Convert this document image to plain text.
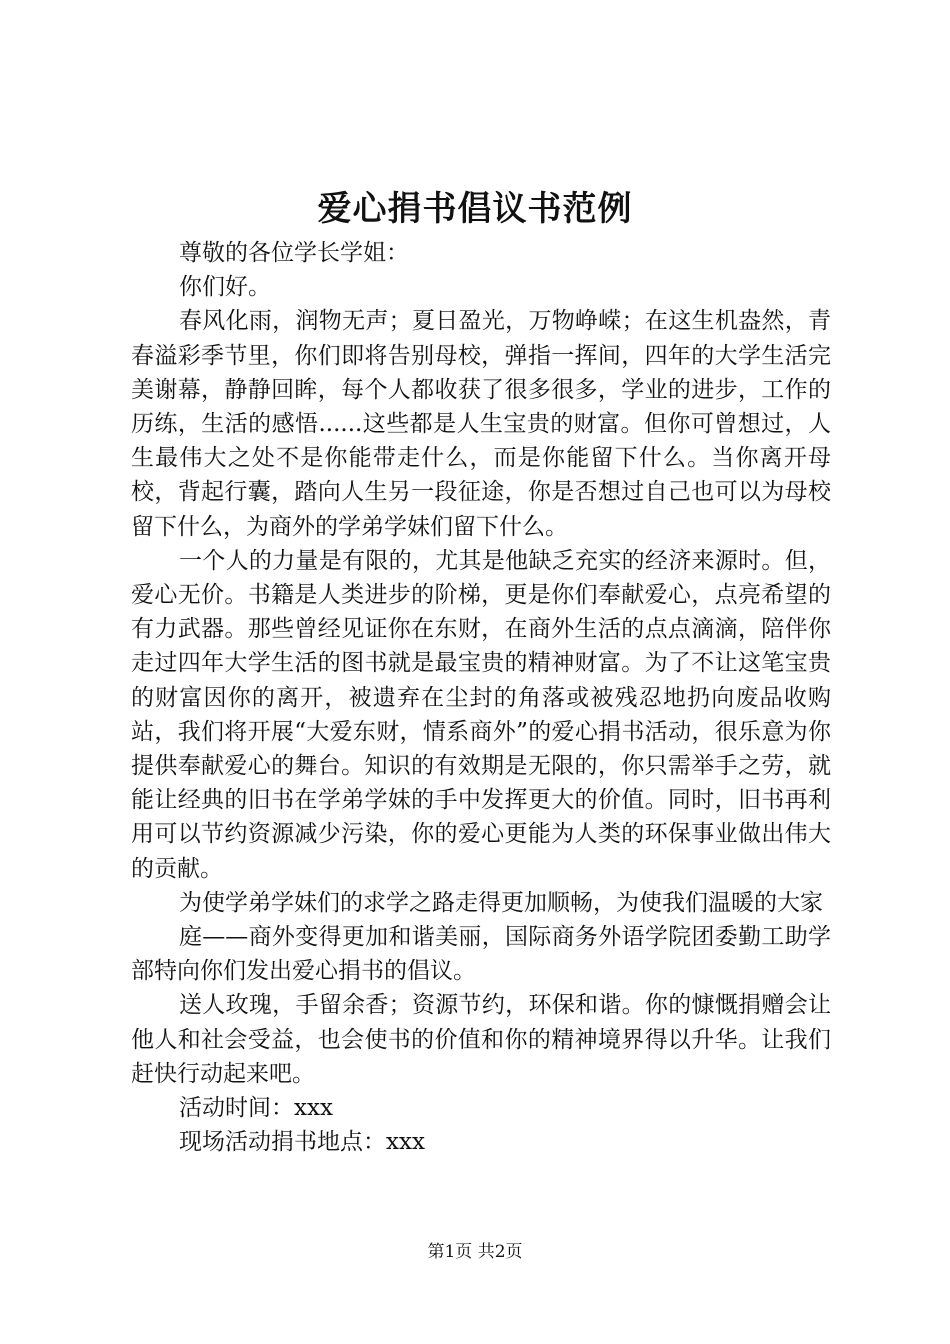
爱心捐书倡议书范例

尊敬的各位学长学姐：

你们好。

春风化雨，润物无声；夏日盈光，万物峥嵘；在这生机盎然，青春溢彩季节里，你们即将告别母校，弹指一挥间，四年的大学生活完美谢幕，静静回眸，每个人都收获了很多很多，学业的进步，工作的历练，生活的感悟......这些都是人生宝贵的财富。但你可曾想过，人生最伟大之处不是你能带走什么，而是你能留下什么。当你离开母校，背起行囊，踏向人生另一段征途，你是否想过自己也可以为母校留下什么，为商外的学弟学妹们留下什么。

一个人的力量是有限的，尤其是他缺乏充实的经济来源时。但，爱心无价。书籍是人类进步的阶梯，更是你们奉献爱心，点亮希望的有力武器。那些曾经见证你在东财，在商外生活的点点滴滴，陪伴你走过四年大学生活的图书就是最宝贵的精神财富。为了不让这笔宝贵的财富因你的离开，被遗弃在尘封的角落或被残忍地扔向废品收购站，我们将开展“大爱东财，情系商外”的爱心捐书活动，很乐意为你提供奉献爱心的舞台。知识的有效期是无限的，你只需举手之劳，就能让经典的旧书在学弟学妹的手中发挥更大的价值。同时，旧书再利用可以节约资源减少污染，你的爱心更能为人类的环保事业做出伟大的贡献。

为使学弟学妹们的求学之路走得更加顺畅，为使我们温暖的大家

庭——商外变得更加和谐美丽，国际商务外语学院团委勤工助学部特向你们发出爱心捐书的倡议。

送人玫瑰，手留余香；资源节约，环保和谐。你的慷慨捐赠会让他人和社会受益，也会使书的价值和你的精神境界得以升华。让我们赶快行动起来吧。

活动时间：xxx

现场活动捐书地点：xxx

第1页 共2页
